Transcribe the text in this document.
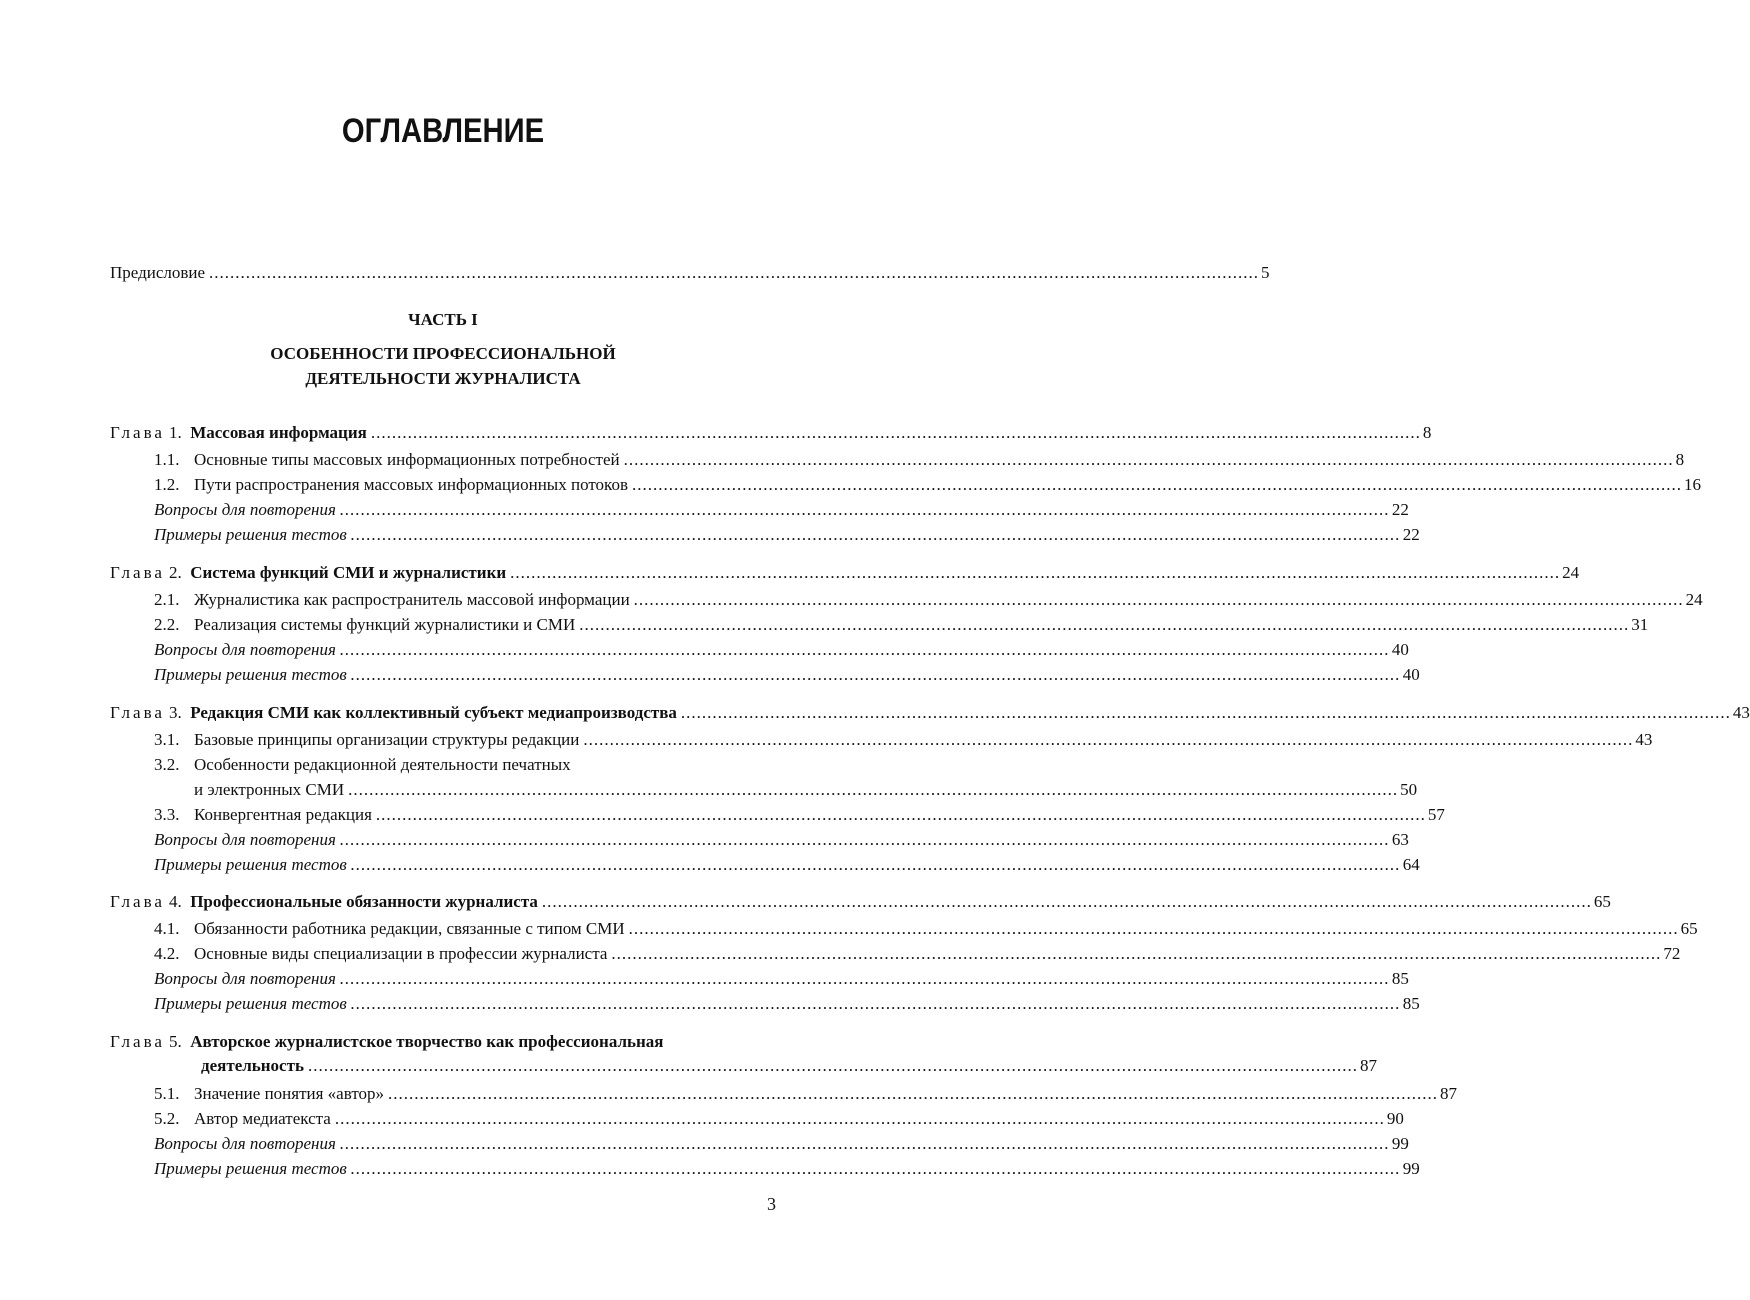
ОГЛАВЛЕНИЕ
Предисловие ........................................................................................................................................................................................................ 5
ЧАСТЬ I
ОСОБЕННОСТИ ПРОФЕССИОНАЛЬНОЙ
ДЕЯТЕЛЬНОСТИ ЖУРНАЛИСТА
Глава 1. Массовая информация ........................................................................................................................................................................................................ 8
1.1. Основные типы массовых информационных потребностей ........................................................................................................................................................................................................ 8
1.2. Пути распространения массовых информационных потоков ........................................................................................................................................................................................................ 16
Вопросы для повторения ........................................................................................................................................................................................................ 22
Примеры решения тестов ........................................................................................................................................................................................................ 22
Глава 2. Система функций СМИ и журналистики ........................................................................................................................................................................................................ 24
2.1. Журналистика как распространитель массовой информации ........................................................................................................................................................................................................ 24
2.2. Реализация системы функций журналистики и СМИ ........................................................................................................................................................................................................ 31
Вопросы для повторения ........................................................................................................................................................................................................ 40
Примеры решения тестов ........................................................................................................................................................................................................ 40
Глава 3. Редакция СМИ как коллективный субъект медиапроизводства ........................................................................................................................................................................................................ 43
3.1. Базовые принципы организации структуры редакции ........................................................................................................................................................................................................ 43
3.2. Особенности редакционной деятельности печатных
и электронных СМИ ........................................................................................................................................................................................................ 50
3.3. Конвергентная редакция ........................................................................................................................................................................................................ 57
Вопросы для повторения ........................................................................................................................................................................................................ 63
Примеры решения тестов ........................................................................................................................................................................................................ 64
Глава 4. Профессиональные обязанности журналиста ........................................................................................................................................................................................................ 65
4.1. Обязанности работника редакции, связанные с типом СМИ ........................................................................................................................................................................................................ 65
4.2. Основные виды специализации в профессии журналиста ........................................................................................................................................................................................................ 72
Вопросы для повторения ........................................................................................................................................................................................................ 85
Примеры решения тестов ........................................................................................................................................................................................................ 85
Глава 5. Авторское журналистское творчество как профессиональная
деятельность ........................................................................................................................................................................................................ 87
5.1. Значение понятия «автор» ........................................................................................................................................................................................................ 87
5.2. Автор медиатекста ........................................................................................................................................................................................................ 90
Вопросы для повторения ........................................................................................................................................................................................................ 99
Примеры решения тестов ........................................................................................................................................................................................................ 99
3
